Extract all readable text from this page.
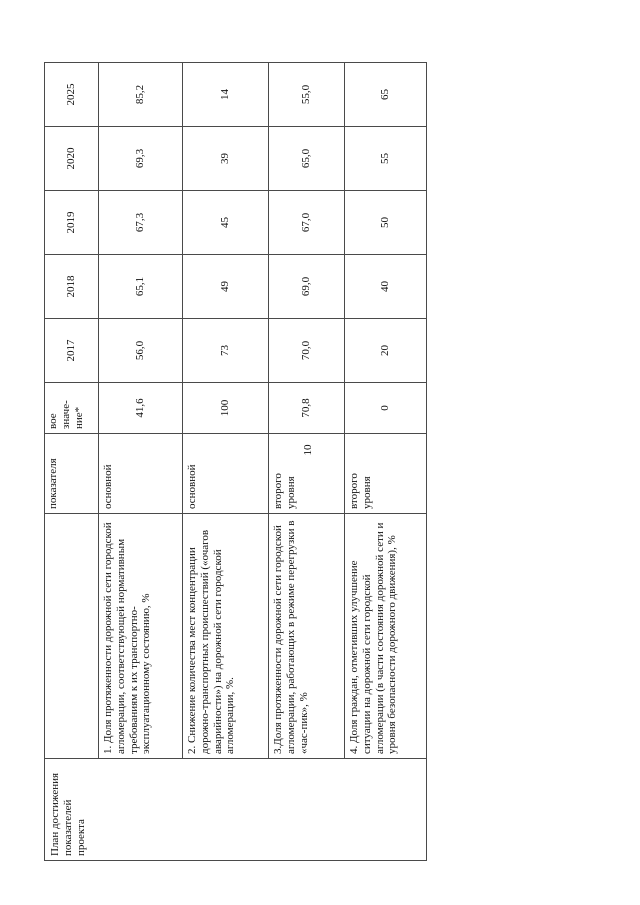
10
План достижения показателей проекта		показателя	вое значе-ние*	2017	2018	2019	2020	2025
	1. Доля протяженности дорожной сети городской агломерации, соответствующей нормативным требованиям к их транспортно-эксплуатационному состоянию, %	основной	41,6	56,0	65,1	67,3	69,3	85,2
	2. Снижение количества мест концентрации дорожно-транспортных происшествий («очагов аварийности») на дорожной сети городской агломерации, %.	основной	100	73	49	45	39	14
	3.Доля протяженности дорожной сети городской агломерации, работающих в режиме перегрузки в «час-пик», %	второго уровня	70,8	70,0	69,0	67,0	65,0	55,0
	4. Доля граждан, отметивших улучшение ситуации на дорожной сети городской агломерации (в части состояния дорожной сети и уровня безопасности дорожного движения), %	второго уровня	0	20	40	50	55	65
